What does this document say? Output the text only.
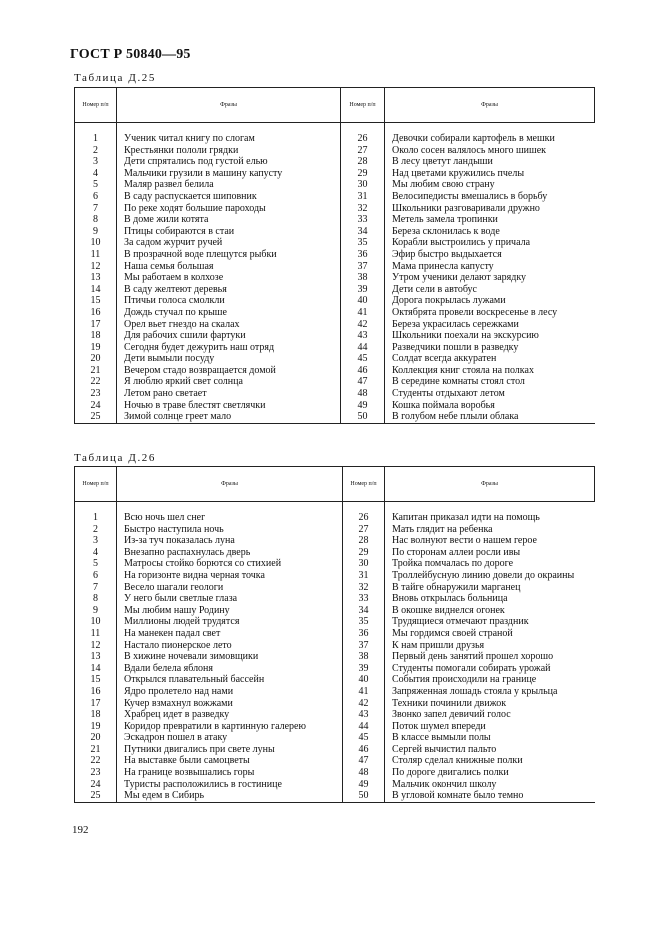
ГОСТ Р 50840—95
Таблица Д.25
Номер п/п	Фразы	Номер п/п	Фразы

1	Ученик читал книгу по слогам	26	Девочки собирали картофель в мешки
2	Крестьянки пололи грядки	27	Около сосен валялось много шишек
3	Дети спрятались под густой елью	28	В лесу цветут ландыши
4	Мальчики грузили в машину капусту	29	Над цветами кружились пчелы
5	Маляр развел белила	30	Мы любим свою страну
6	В саду распускается шиповник	31	Велосипедисты вмешались в борьбу
7	По реке ходят большие пароходы	32	Школьники разговаривали дружно
8	В доме жили котята	33	Метель замела тропинки
9	Птицы собираются в стаи	34	Береза склонилась к воде
10	За садом журчит ручей	35	Корабли выстроились у причала
11	В прозрачной воде плещутся рыбки	36	Эфир быстро выдыхается
12	Наша семья большая	37	Мама принесла капусту
13	Мы работаем в колхозе	38	Утром ученики делают зарядку
14	В саду желтеют деревья	39	Дети сели в автобус
15	Птичьи голоса смолкли	40	Дорога покрылась лужами
16	Дождь стучал по крыше	41	Октябрята провели воскресенье в лесу
17	Орел вьет гнездо на скалах	42	Береза украсилась сережками
18	Для рабочих сшили фартуки	43	Школьники поехали на экскурсию
19	Сегодня будет дежурить наш отряд	44	Разведчики пошли в разведку
20	Дети вымыли посуду	45	Солдат всегда аккуратен
21	Вечером стадо возвращается домой	46	Коллекция книг стояла на полках
22	Я люблю яркий свет солнца	47	В середине комнаты стоял стол
23	Летом рано светает	48	Студенты отдыхают летом
24	Ночью в траве блестят светлячки	49	Кошка поймала воробья
25	Зимой солнце греет мало	50	В голубом небе плыли облака
Таблица Д.26
Номер п/п	Фразы	Номер п/п	Фразы

1	Всю ночь шел снег	26	Капитан приказал идти на помощь
2	Быстро наступила ночь	27	Мать глядит на ребенка
3	Из-за туч показалась луна	28	Нас волнуют вести о нашем герое
4	Внезапно распахнулась дверь	29	По сторонам аллеи росли ивы
5	Матросы стойко борются со стихией	30	Тройка помчалась по дороге
6	На горизонте видна черная точка	31	Троллейбусную линию довели до окраины
7	Весело шагали геологи	32	В тайге обнаружили марганец
8	У него были светлые глаза	33	Вновь открылась больница
9	Мы любим нашу Родину	34	В окошке виднелся огонек
10	Миллионы людей трудятся	35	Трудящиеся отмечают праздник
11	На манекен падал свет	36	Мы гордимся своей страной
12	Настало пионерское лето	37	К нам пришли друзья
13	В хижине ночевали зимовщики	38	Первый день занятий прошел хорошо
14	Вдали белела яблоня	39	Студенты помогали собирать урожай
15	Открылся плавательный бассейн	40	События происходили на границе
16	Ядро пролетело над нами	41	Запряженная лошадь стояла у крыльца
17	Кучер взмахнул вожжами	42	Техники починили движок
18	Храбрец идет в разведку	43	Звонко запел девичий голос
19	Коридор превратили в картинную галерею	44	Поток шумел впереди
20	Эскадрон пошел в атаку	45	В классе вымыли полы
21	Путники двигались при свете луны	46	Сергей вычистил пальто
22	На выставке были самоцветы	47	Столяр сделал книжные полки
23	На границе возвышались горы	48	По дороге двигались полки
24	Туристы расположились в гостинице	49	Мальчик окончил школу
25	Мы едем в Сибирь	50	В угловой комнате было темно
192
